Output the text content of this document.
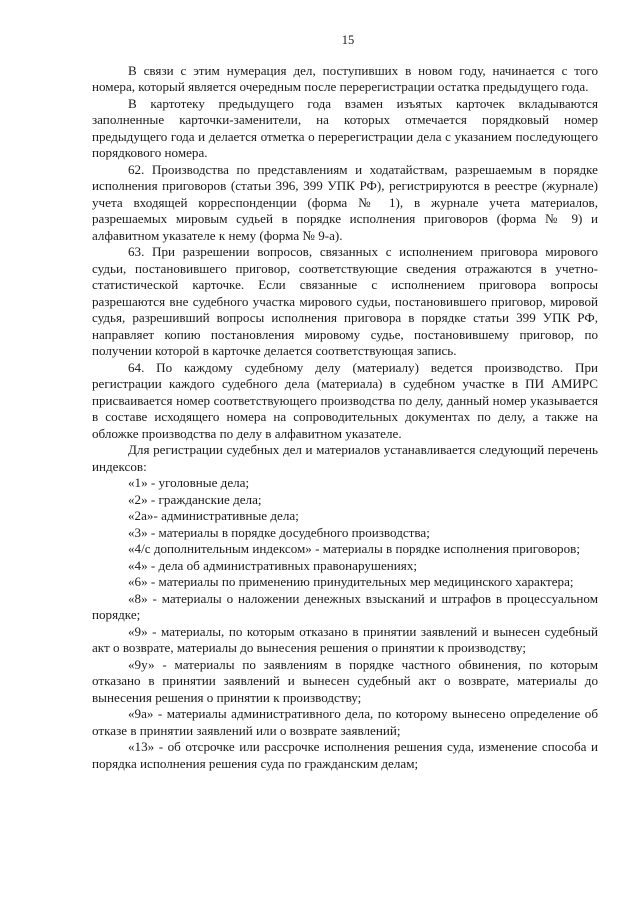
15

В связи с этим нумерация дел, поступивших в новом году, начинается с того номера, который является очередным после перерегистрации остатка предыдущего года.

В картотеку предыдущего года взамен изъятых карточек вкладываются заполненные карточки-заменители, на которых отмечается порядковый номер предыдущего года и делается отметка о перерегистрации дела с указанием последующего порядкового номера.

62. Производства по представлениям и ходатайствам, разрешаемым в порядке исполнения приговоров (статьи 396, 399 УПК РФ), регистрируются в реестре (журнале) учета входящей корреспонденции (форма № 1), в журнале учета материалов, разрешаемых мировым судьей в порядке исполнения приговоров (форма № 9) и алфавитном указателе к нему (форма № 9-а).

63. При разрешении вопросов, связанных с исполнением приговора мирового судьи, постановившего приговор, соответствующие сведения отражаются в учетно-статистической карточке. Если связанные с исполнением приговора вопросы разрешаются вне судебного участка мирового судьи, постановившего приговор, мировой судья, разрешивший вопросы исполнения приговора в порядке статьи 399 УПК РФ, направляет копию постановления мировому судье, постановившему приговор, по получении которой в карточке делается соответствующая запись.

64. По каждому судебному делу (материалу) ведется производство. При регистрации каждого судебного дела (материала) в судебном участке в ПИ АМИРС присваивается номер соответствующего производства по делу, данный номер указывается в составе исходящего номера на сопроводительных документах по делу, а также на обложке производства по делу в алфавитном указателе.

Для регистрации судебных дел и материалов устанавливается следующий перечень индексов:

«1» - уголовные дела;

«2» - гражданские дела;

«2а»- административные дела;

«3» - материалы в порядке досудебного производства;

«4/с дополнительным индексом» - материалы в порядке исполнения приговоров;

«4» - дела об административных правонарушениях;

«6» - материалы по применению принудительных мер медицинского характера;

«8» - материалы о наложении денежных взысканий и штрафов в процессуальном порядке;

«9» - материалы, по которым отказано в принятии заявлений и вынесен судебный акт о возврате, материалы до вынесения решения о принятии к производству;

«9у» - материалы по заявлениям в порядке частного обвинения, по которым отказано в принятии заявлений и вынесен судебный акт о возврате, материалы до вынесения решения о принятии к производству;

«9а» - материалы административного дела, по которому вынесено определение об отказе в принятии заявлений или о возврате заявлений;

«13» - об отсрочке или рассрочке исполнения решения суда, изменение способа и порядка исполнения решения суда по гражданским делам;
